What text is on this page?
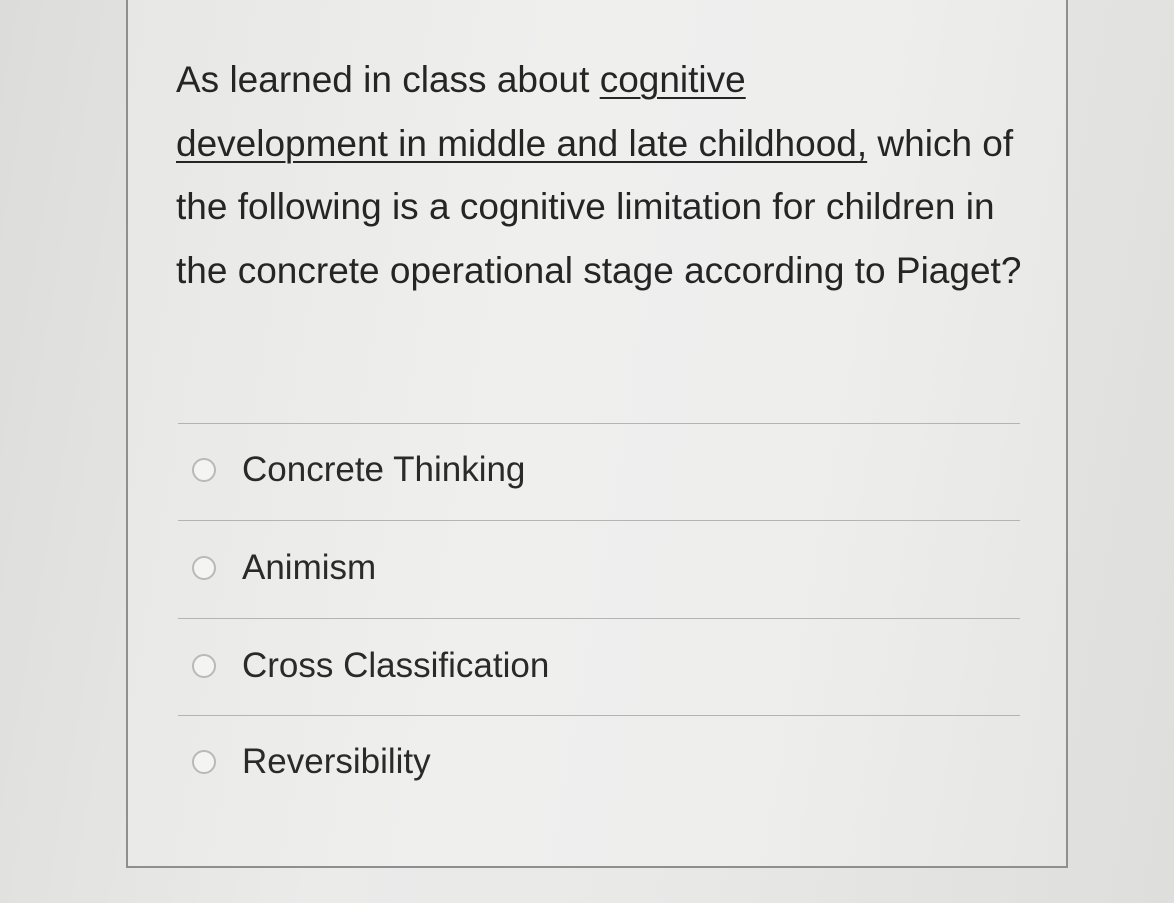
As learned in class about cognitive
development in middle and late childhood, which of the following is a cognitive limitation for children in the concrete operational stage according to Piaget?

Concrete Thinking
Animism
Cross Classification
Reversibility
